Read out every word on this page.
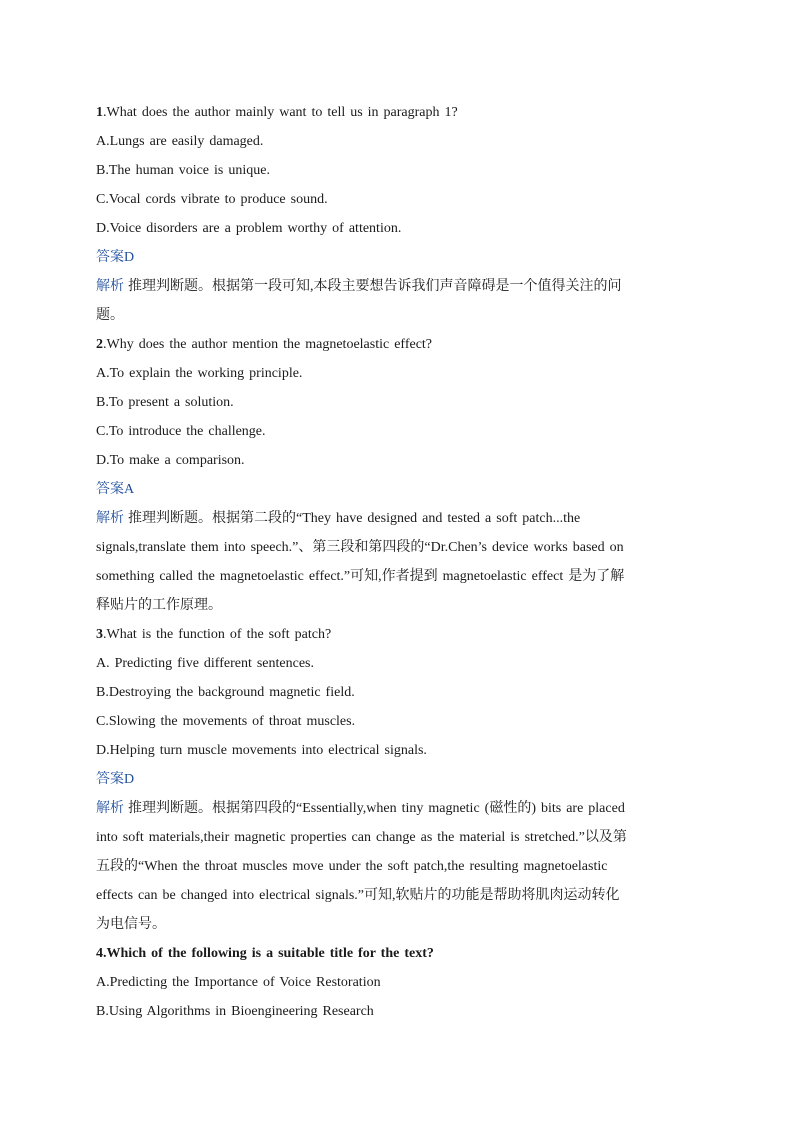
1.What does the author mainly want to tell us in paragraph 1?
A.Lungs are easily damaged.
B.The human voice is unique.
C.Vocal cords vibrate to produce sound.
D.Voice disorders are a problem worthy of attention.
答案D
解析 推理判断题。根据第一段可知,本段主要想告诉我们声音障碍是一个值得关注的问
题。
2.Why does the author mention the magnetoelastic effect?
A.To explain the working principle.
B.To present a solution.
C.To introduce the challenge.
D.To make a comparison.
答案A
解析 推理判断题。根据第二段的“They have designed and tested a soft patch...the
signals,translate them into speech.”、第三段和第四段的“Dr.Chen’s device works based on
something called the magnetoelastic effect.”可知,作者提到 magnetoelastic effect 是为了解
释贴片的工作原理。
3.What is the function of the soft patch?
A. Predicting five different sentences.
B.Destroying the background magnetic field.
C.Slowing the movements of throat muscles.
D.Helping turn muscle movements into electrical signals.
答案D
解析 推理判断题。根据第四段的“Essentially,when tiny magnetic (磁性的) bits are placed
into soft materials,their magnetic properties can change as the material is stretched.”以及第
五段的“When the throat muscles move under the soft patch,the resulting magnetoelastic
effects can be changed into electrical signals.”可知,软贴片的功能是帮助将肌肉运动转化
为电信号。
4.Which of the following is a suitable title for the text?
A.Predicting the Importance of Voice Restoration
B.Using Algorithms in Bioengineering Research
